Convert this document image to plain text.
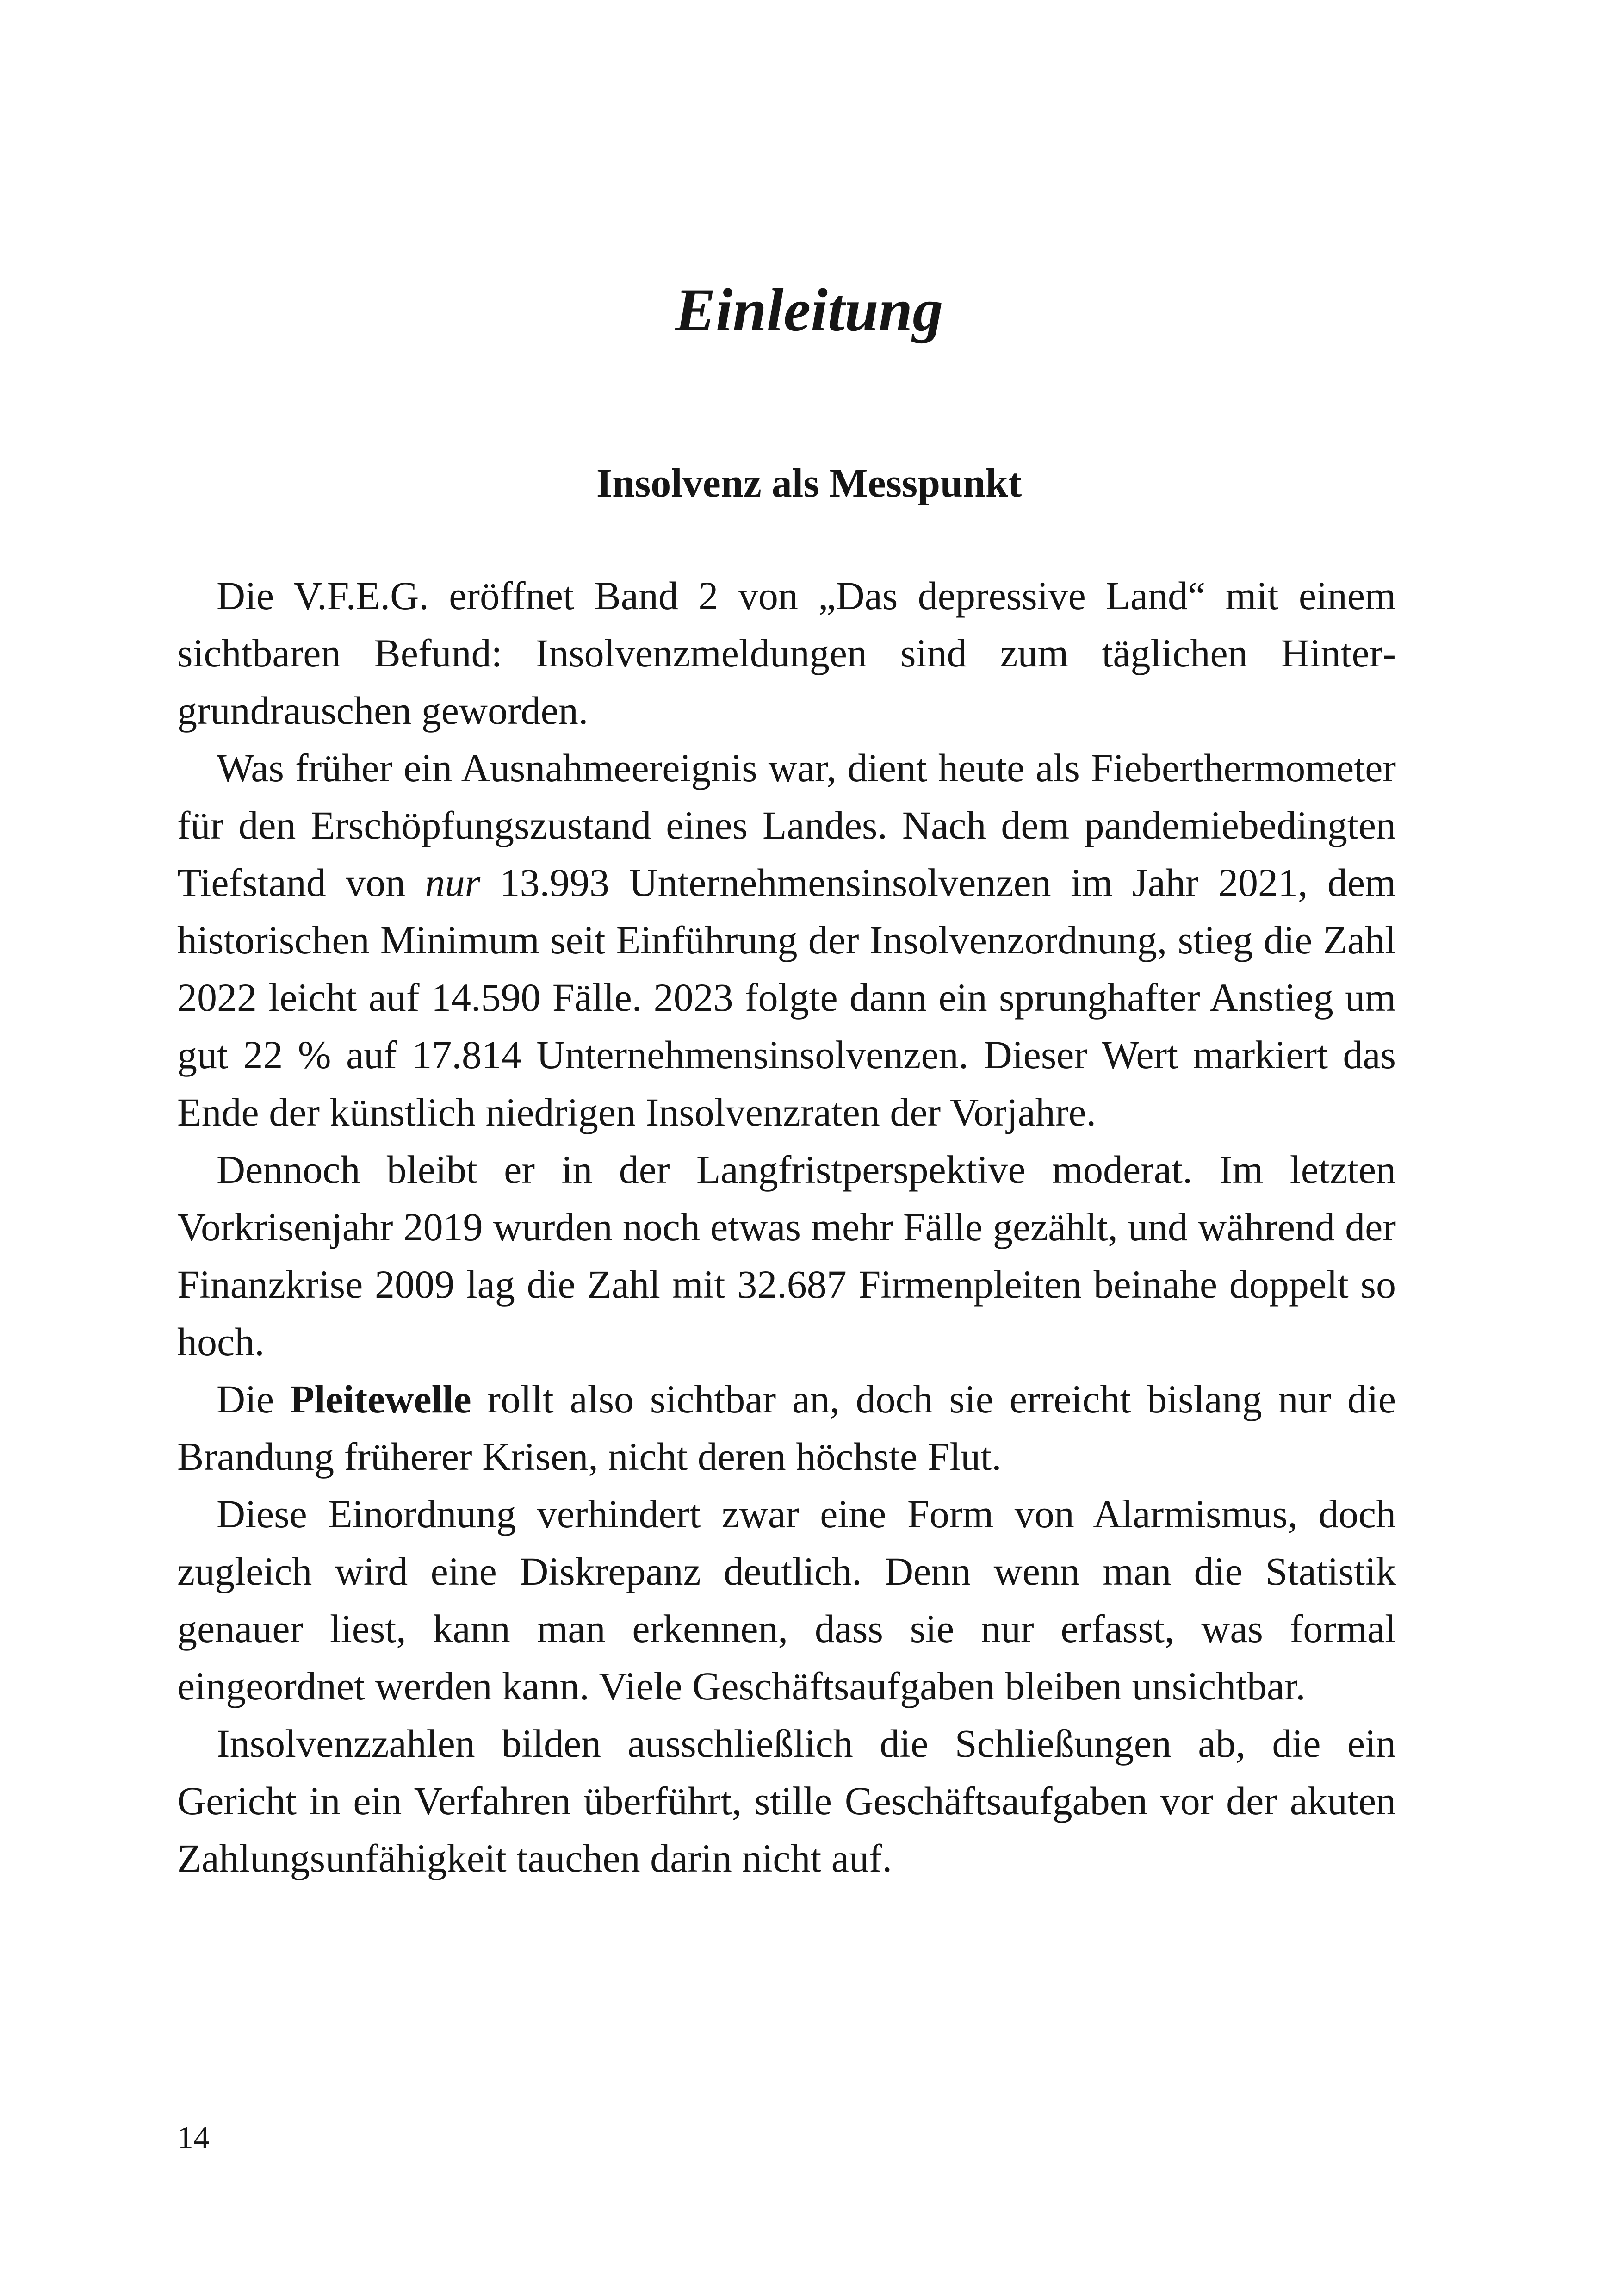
Einleitung
Insolvenz als Messpunkt

Die V.F.E.G. eröffnet Band 2 von „Das depressive Land“ mit einem sichtbaren Befund: Insolvenzmeldungen sind zum täglichen Hintergrundrauschen geworden.

Was früher ein Ausnahmeereignis war, dient heute als Fieberthermometer für den Erschöpfungszustand eines Landes. Nach dem pandemiebedingten Tiefstand von nur 13.993 Unternehmensinsolvenzen im Jahr 2021, dem historischen Minimum seit Einführung der Insolvenzordnung, stieg die Zahl 2022 leicht auf 14.590 Fälle. 2023 folgte dann ein sprunghafter Anstieg um gut 22 % auf 17.814 Unternehmensinsolvenzen. Dieser Wert markiert das Ende der künstlich niedrigen Insolvenzraten der Vorjahre.

Dennoch bleibt er in der Langfristperspektive moderat. Im letzten Vorkrisenjahr 2019 wurden noch etwas mehr Fälle gezählt, und während der Finanzkrise 2009 lag die Zahl mit 32.687 Firmenpleiten beinahe doppelt so hoch.

Die Pleitewelle rollt also sichtbar an, doch sie erreicht bislang nur die Brandung früherer Krisen, nicht deren höchste Flut.

Diese Einordnung verhindert zwar eine Form von Alarmismus, doch zugleich wird eine Diskrepanz deutlich. Denn wenn man die Statistik genauer liest, kann man erkennen, dass sie nur erfasst, was formal eingeordnet werden kann. Viele Geschäftsaufgaben bleiben unsichtbar.

Insolvenzzahlen bilden ausschließlich die Schließungen ab, die ein Gericht in ein Verfahren überführt, stille Geschäftsaufgaben vor der akuten Zahlungsunfähigkeit tauchen darin nicht auf.

14
